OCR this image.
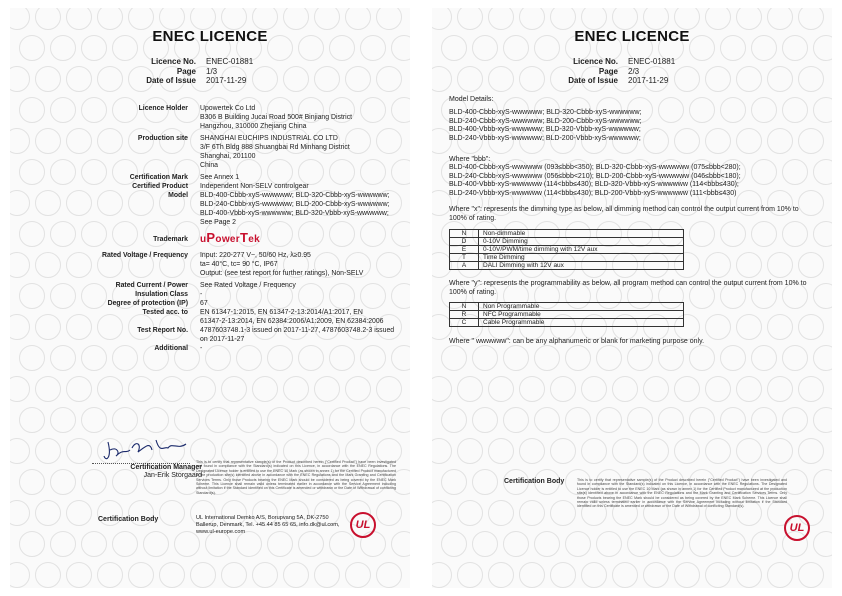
ENEC LICENCE
Licence No.	ENEC-01881
Page	1/3
Date of Issue	2017-11-29
Licence Holder	Upowertek Co Ltd
B306 B Building Jucai Road 500# Binjiang District
Hangzhou, 310000 Zhejiang China
Production site	SHANGHAI EUCHIPS INDUSTRIAL CO LTD
3/F 6Th Bldg 888 Shuangbai Rd Minhang District
Shanghai, 201100
China
Certification Mark	See Annex 1
Certified Product	Independent Non-SELV controlgear
Model	BLD-400-Cbbb-xyS-wwwwww; BLD-320-Cbbb-xyS-wwwwww;
BLD-240-Cbbb-xyS-wwwwww; BLD-200-Cbbb-xyS-wwwwww;
BLD-400-Vbbb-xyS-wwwwww; BLD-320-Vbbb-xyS-wwwwww;
See Page 2
Trademark	uPowerTek
Rated Voltage / Frequency	Input: 220-277 V~, 50/60 Hz, λ≥0.95
ta= 40°C, tc= 90 °C, IP67
Output: (see test report for further ratings), Non-SELV
Rated Current / Power	See Rated Voltage / Frequency
Insulation Class	-
Degree of protection (IP)	67
Tested acc. to	EN 61347-1:2015, EN 61347-2-13:2014/A1:2017, EN
61347-2-13:2014, EN 62384:2006/A1:2009, EN 62384:2006
Test Report No.	4787603748.1-3 issued on 2017-11-27, 4787603748.2-3 issued
on 2017-11-27
Additional	-
Certification Manager
Jan-Erik Storgaard
This is to certify that representative sample(s) of the Product described herein ("Certified Product") have been investigated and found in compliance with the Standard(s) indicated on this Licence, in accordance with the ENEC Regulations. The Designated Licence holder is entitled to use the ENEC 10 Mark (as shown in annex 1) for the Certified Product manufactured at the production site(s) identified above in accordance with the ENEC Regulations and the Mark Granting and Certification Services Terms. Only those Products bearing the ENEC Mark should be considered as being covered by the ENEC Mark Scheme. This Licence shall remain valid unless terminated earlier in accordance with the Service Agreement including without limitation if the Standard identified on this Certificate is amended or withdrawn or the Date of Withdrawal of conflicting Standard(s).
Certification Body	UL International Demko A/S, Borupvang 5A, DK-2750
Ballerup, Denmark, Tel. +45 44 85 65 65, info.dk@ul.com,
www.ul-europe.com
UL
ENEC LICENCE
Licence No.	ENEC-01881
Page	2/3
Date of Issue	2017-11-29
Model Details:
BLD-400-Cbbb-xyS-wwwwww; BLD-320-Cbbb-xyS-wwwwww;
BLD-240-Cbbb-xyS-wwwwww; BLD-200-Cbbb-xyS-wwwwww;
BLD-400-Vbbb-xyS-wwwwww; BLD-320-Vbbb-xyS-wwwwww;
BLD-240-Vbbb-xyS-wwwwww; BLD-200-Vbbb-xyS-wwwwww;
Where "bbb":
BLD-400-Cbbb-xyS-wwwwww (093≤bbb<350); BLD-320-Cbbb-xyS-wwwwww (075≤bbb<280);
BLD-240-Cbbb-xyS-wwwwww (056≤bbb<210); BLD-200-Cbbb-xyS-wwwwww (046≤bbb<180);
BLD-400-Vbbb-xyS-wwwwww (114<bbb≤430); BLD-320-Vbbb-xyS-wwwwww (114<bbb≤430);
BLD-240-Vbbb-xyS-wwwwww (114<bbb≤430); BLD-200-Vbbb-xyS-wwwwww (111<bbb≤430)
Where "x": represents the dimming type as below, all dimming method can control the output current from 10% to
100% of rating.
N	Non-dimmable
D	0-10V Dimming
E	0-10V/PWM/time dimming with 12V aux
T	Time Dimming
A	DALI Dimming with 12V aux
Where "y": represents the programmability as below, all program method can control the output current from 10% to
100% of rating.
N	Non Programmable
R	NFC Programmable
C	Cable Programmable
Where " wwwwww": can be any alphanumeric or blank for marketing purpose only.
Certification Body	This is to certify that representative sample(s) of the Product described herein ("Certified Product") have been investigated and found in compliance with the Standard(s) indicated on this Licence, in accordance with the ENEC Regulations. The Designated Licence holder is entitled to use the ENEC 10 Mark (as shown in annex 1) for the Certified Product manufactured at the production site(s) identified above in accordance with the ENEC Regulations and the Mark Granting and Certification Services Terms. Only those Products bearing the ENEC Mark should be considered as being covered by the ENEC Mark Scheme. This Licence shall remain valid unless terminated earlier in accordance with the Service Agreement including without limitation if the Standard identified on this Certificate is amended or withdrawn or the Date of Withdrawal of conflicting Standard(s).
UL
